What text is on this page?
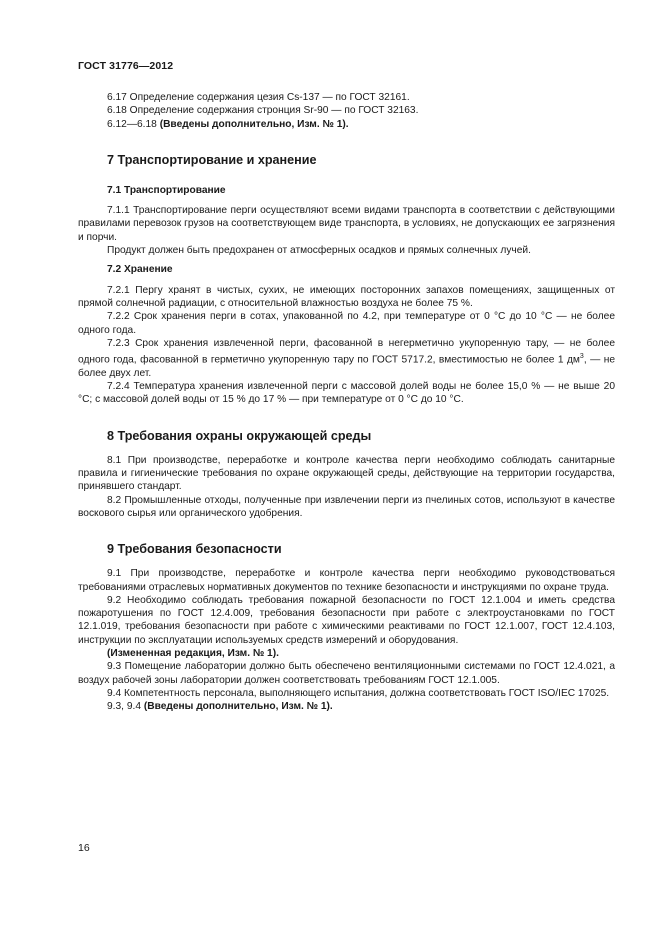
ГОСТ 31776—2012

6.17 Определение содержания цезия Cs-137 — по ГОСТ 32161.

6.18 Определение содержания стронция Sr-90 — по ГОСТ 32163.

6.12—6.18 (Введены дополнительно, Изм. № 1).

7 Транспортирование и хранение

7.1 Транспортирование

7.1.1 Транспортирование перги осуществляют всеми видами транспорта в соответствии с действующими правилами перевозок грузов на соответствующем виде транспорта, в условиях, не допускающих ее загрязнения и порчи.

Продукт должен быть предохранен от атмосферных осадков и прямых солнечных лучей.

7.2 Хранение

7.2.1 Пергу хранят в чистых, сухих, не имеющих посторонних запахов помещениях, защищенных от прямой солнечной радиации, с относительной влажностью воздуха не более 75 %.

7.2.2 Срок хранения перги в сотах, упакованной по 4.2, при температуре от 0 °С до 10 °С — не более одного года.

7.2.3 Срок хранения извлеченной перги, фасованной в негерметично укупоренную тару, — не более одного года, фасованной в герметично укупоренную тару по ГОСТ 5717.2, вместимостью не более 1 $дм^3$, — не более двух лет.

7.2.4 Температура хранения извлеченной перги с массовой долей воды не более 15,0 % — не выше 20 °С; с массовой долей воды от 15 % до 17 % — при температуре от 0 °С до 10 °С.

8 Требования охраны окружающей среды

8.1 При производстве, переработке и контроле качества перги необходимо соблюдать санитарные правила и гигиенические требования по охране окружающей среды, действующие на территории государства, принявшего стандарт.

8.2 Промышленные отходы, полученные при извлечении перги из пчелиных сотов, используют в качестве воскового сырья или органического удобрения.

9 Требования безопасности

9.1 При производстве, переработке и контроле качества перги необходимо руководствоваться требованиями отраслевых нормативных документов по технике безопасности и инструкциями по охране труда.

9.2 Необходимо соблюдать требования пожарной безопасности по ГОСТ 12.1.004 и иметь средства пожаротушения по ГОСТ 12.4.009, требования безопасности при работе с электроустановками по ГОСТ 12.1.019, требования безопасности при работе с химическими реактивами по ГОСТ 12.1.007, ГОСТ 12.4.103, инструкции по эксплуатации используемых средств измерений и оборудования.

(Измененная редакция, Изм. № 1).

9.3 Помещение лаборатории должно быть обеспечено вентиляционными системами по ГОСТ 12.4.021, а воздух рабочей зоны лаборатории должен соответствовать требованиям ГОСТ 12.1.005.

9.4 Компетентность персонала, выполняющего испытания, должна соответствовать ГОСТ ISO/IEC 17025.

9.3, 9.4 (Введены дополнительно, Изм. № 1).

16
